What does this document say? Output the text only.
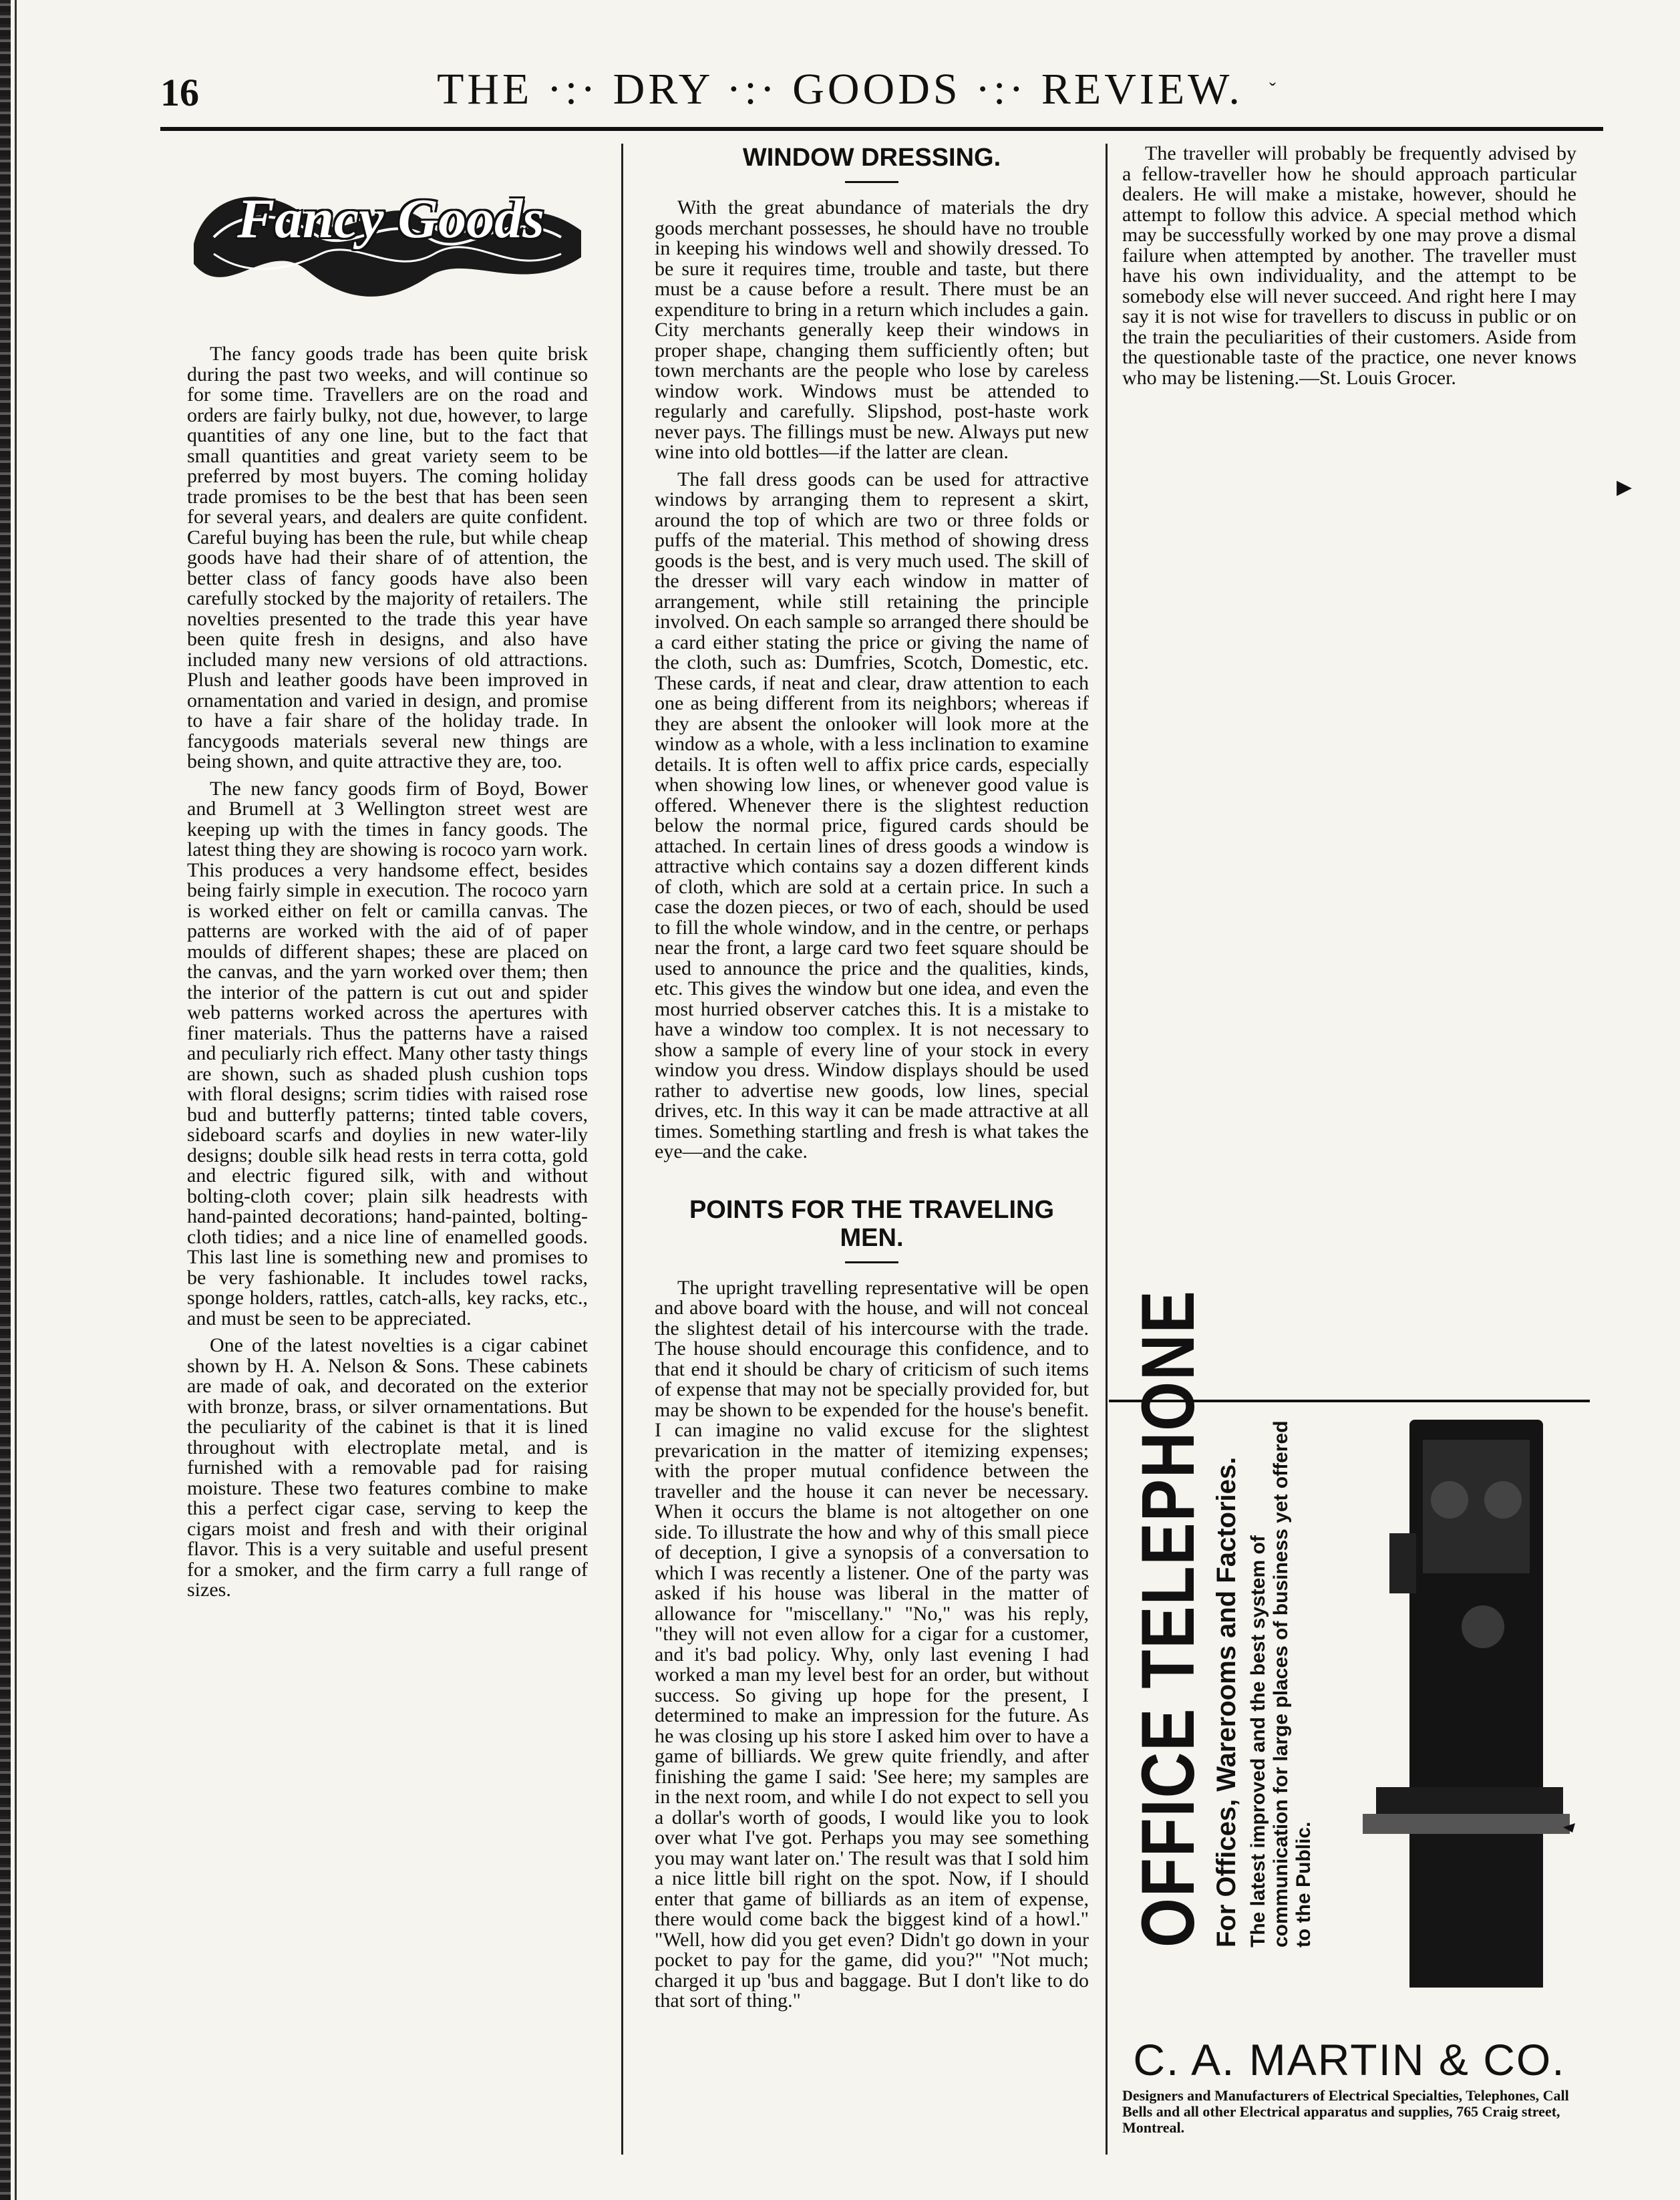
16	THE ·:· DRY ·:· GOODS ·:· REVIEW.	ˇ
Fancy Goods

The fancy goods trade has been quite brisk during the past two weeks, and will continue so for some time. Travellers are on the road and orders are fairly bulky, not due, however, to large quantities of any one line, but to the fact that small quantities and great variety seem to be preferred by most buyers. The coming holiday trade promises to be the best that has been seen for several years, and dealers are quite confident. Careful buying has been the rule, but while cheap goods have had their share of of attention, the better class of fancy goods have also been carefully stocked by the majority of retailers. The novelties presented to the trade this year have been quite fresh in designs, and also have included many new versions of old attractions. Plush and leather goods have been improved in ornamentation and varied in design, and promise to have a fair share of the holiday trade. In fancygoods materials several new things are being shown, and quite attractive they are, too.

The new fancy goods firm of Boyd, Bower and Brumell at 3 Wellington street west are keeping up with the times in fancy goods. The latest thing they are showing is rococo yarn work. This produces a very handsome effect, besides being fairly simple in execution. The rococo yarn is worked either on felt or camilla canvas. The patterns are worked with the aid of of paper moulds of different shapes; these are placed on the canvas, and the yarn worked over them; then the interior of the pattern is cut out and spider web patterns worked across the apertures with finer materials. Thus the patterns have a raised and peculiarly rich effect. Many other tasty things are shown, such as shaded plush cushion tops with floral designs; scrim tidies with raised rose bud and butterfly patterns; tinted table covers, sideboard scarfs and doylies in new water-lily designs; double silk head rests in terra cotta, gold and electric figured silk, with and without bolting-cloth cover; plain silk headrests with hand-painted decorations; hand-painted, bolting-cloth tidies; and a nice line of enamelled goods. This last line is something new and promises to be very fashionable. It includes towel racks, sponge holders, rattles, catch-alls, key racks, etc., and must be seen to be appreciated.

One of the latest novelties is a cigar cabinet shown by H. A. Nelson & Sons. These cabinets are made of oak, and decorated on the exterior with bronze, brass, or silver ornamentations. But the peculiarity of the cabinet is that it is lined throughout with electroplate metal, and is furnished with a removable pad for raising moisture. These two features combine to make this a perfect cigar case, serving to keep the cigars moist and fresh and with their original flavor. This is a very suitable and useful present for a smoker, and the firm carry a full range of sizes.

WINDOW DRESSING.

With the great abundance of materials the dry goods merchant possesses, he should have no trouble in keeping his windows well and showily dressed. To be sure it requires time, trouble and taste, but there must be a cause before a result. There must be an expenditure to bring in a return which includes a gain. City merchants generally keep their windows in proper shape, changing them sufficiently often; but town merchants are the people who lose by careless window work. Windows must be attended to regularly and carefully. Slipshod, post-haste work never pays. The fillings must be new. Always put new wine into old bottles—if the latter are clean.

The fall dress goods can be used for attractive windows by arranging them to represent a skirt, around the top of which are two or three folds or puffs of the material. This method of showing dress goods is the best, and is very much used. The skill of the dresser will vary each window in matter of arrangement, while still retaining the principle involved. On each sample so arranged there should be a card either stating the price or giving the name of the cloth, such as: Dumfries, Scotch, Domestic, etc. These cards, if neat and clear, draw attention to each one as being different from its neighbors; whereas if they are absent the onlooker will look more at the window as a whole, with a less inclination to examine details. It is often well to affix price cards, especially when showing low lines, or whenever good value is offered. Whenever there is the slightest reduction below the normal price, figured cards should be attached. In certain lines of dress goods a window is attractive which contains say a dozen different kinds of cloth, which are sold at a certain price. In such a case the dozen pieces, or two of each, should be used to fill the whole window, and in the centre, or perhaps near the front, a large card two feet square should be used to announce the price and the qualities, kinds, etc. This gives the window but one idea, and even the most hurried observer catches this. It is a mistake to have a window too complex. It is not necessary to show a sample of every line of your stock in every window you dress. Window displays should be used rather to advertise new goods, low lines, special drives, etc. In this way it can be made attractive at all times. Something startling and fresh is what takes the eye—and the cake.

POINTS FOR THE TRAVELING MEN.

The upright travelling representative will be open and above board with the house, and will not conceal the slightest detail of his intercourse with the trade. The house should encourage this confidence, and to that end it should be chary of criticism of such items of expense that may not be specially provided for, but may be shown to be expended for the house's benefit. I can imagine no valid excuse for the slightest prevarication in the matter of itemizing expenses; with the proper mutual confidence between the traveller and the house it can never be necessary. When it occurs the blame is not altogether on one side. To illustrate the how and why of this small piece of deception, I give a synopsis of a conversation to which I was recently a listener. One of the party was asked if his house was liberal in the matter of allowance for "miscellany." "No," was his reply, "they will not even allow for a cigar for a customer, and it's bad policy. Why, only last evening I had worked a man my level best for an order, but without success. So giving up hope for the present, I determined to make an impression for the future. As he was closing up his store I asked him over to have a game of billiards. We grew quite friendly, and after finishing the game I said: 'See here; my samples are in the next room, and while I do not expect to sell you a dollar's worth of goods, I would like you to look over what I've got. Perhaps you may see something you may want later on.' The result was that I sold him a nice little bill right on the spot. Now, if I should enter that game of billiards as an item of expense, there would come back the biggest kind of a howl." "Well, how did you get even? Didn't go down in your pocket to pay for the game, did you?" "Not much; charged it up 'bus and baggage. But I don't like to do that sort of thing."

The traveller will probably be frequently advised by a fellow-traveller how he should approach particular dealers. He will make a mistake, however, should he attempt to follow this advice. A special method which may be successfully worked by one may prove a dismal failure when attempted by another. The traveller must have his own individuality, and the attempt to be somebody else will never succeed. And right here I may say it is not wise for travellers to discuss in public or on the train the peculiarities of their customers. Aside from the questionable taste of the practice, one never knows who may be listening.—St. Louis Grocer.

▸
OFFICE TELEPHONE For Offices, Warerooms and Factories. The latest improved and the best system of communication for large places of business yet offered to the Public.
C. A. MARTIN & CO.
Designers and Manufacturers of Electrical Specialties, Telephones, Call Bells and all other Electrical apparatus and supplies, 765 Craig street, Montreal.
